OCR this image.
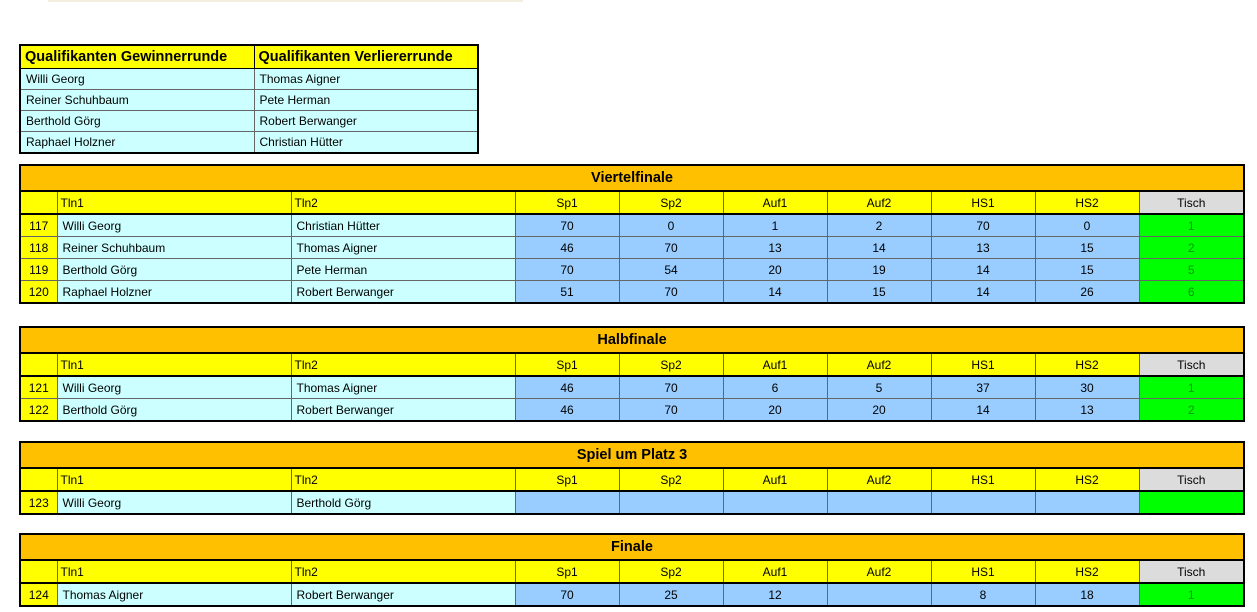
Qualifikanten Gewinnerrunde	Qualifikanten Verliererrunde
Willi Georg	Thomas Aigner
Reiner Schuhbaum	Pete Herman
Berthold Görg	Robert Berwanger
Raphael Holzner	Christian Hütter
Viertelfinale									
	Tln1	Tln2	Sp1	Sp2	Auf1	Auf2	HS1	HS2	Tisch
117	Willi Georg	Christian Hütter	70	0	1	2	70	0	1
118	Reiner Schuhbaum	Thomas Aigner	46	70	13	14	13	15	2
119	Berthold Görg	Pete Herman	70	54	20	19	14	15	5
120	Raphael Holzner	Robert Berwanger	51	70	14	15	14	26	6
Halbfinale									
	Tln1	Tln2	Sp1	Sp2	Auf1	Auf2	HS1	HS2	Tisch
121	Willi Georg	Thomas Aigner	46	70	6	5	37	30	1
122	Berthold Görg	Robert Berwanger	46	70	20	20	14	13	2
Spiel um Platz 3									
	Tln1	Tln2	Sp1	Sp2	Auf1	Auf2	HS1	HS2	Tisch
123	Willi Georg	Berthold Görg							
Finale									
	Tln1	Tln2	Sp1	Sp2	Auf1	Auf2	HS1	HS2	Tisch
124	Thomas Aigner	Robert Berwanger	70	25	12		8	18	1
